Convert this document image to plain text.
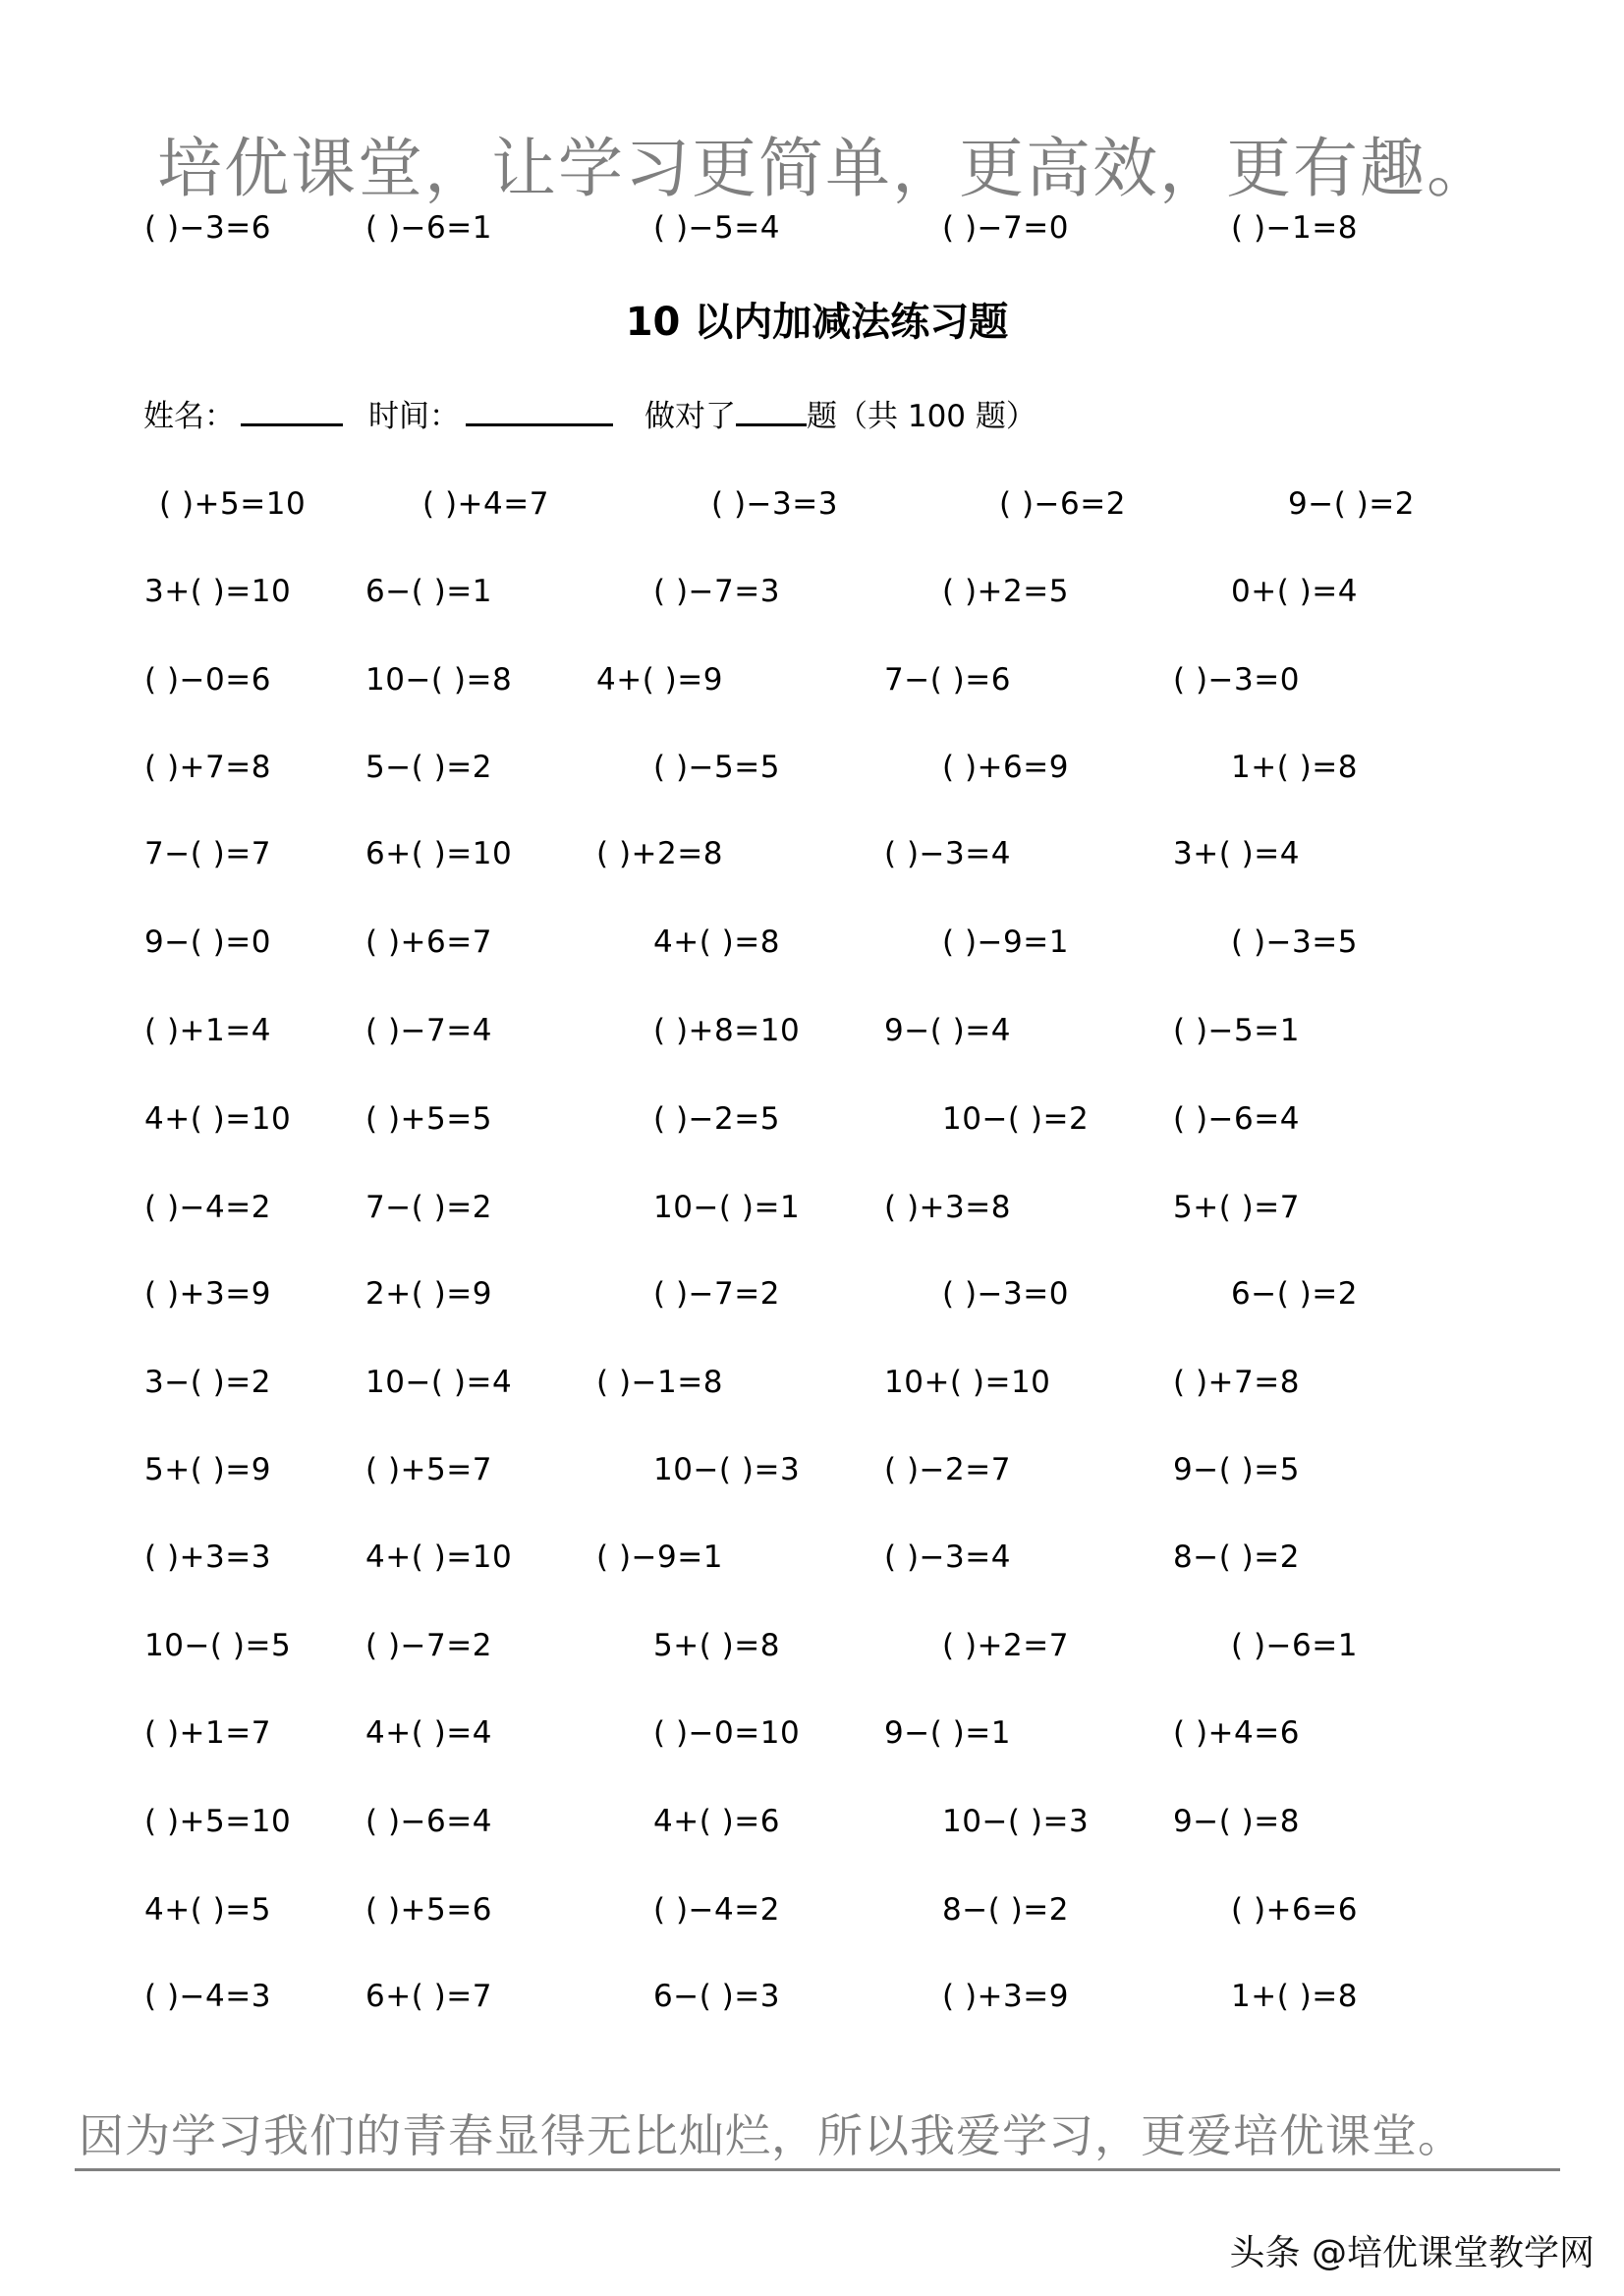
培优课堂，让学习更简单，更高效，更有趣。
10 以内加减法练习题
姓名：	时间：	做对了 题（共 100 题）
( )−3=6	( )−6=1	( )−5=4	( )−7=0	( )−1=8
( )+5=10	( )+4=7	( )−3=3	( )−6=2	9−( )=2
3+( )=10 6−( )=1	( )−7=3	( )+2=5	0+( )=4
( )−0=6	10−( )=8	4+( )=9	7−( )=6	( )−3=0
( )+7=8	5−( )=2	( )−5=5	( )+6=9	1+( )=8
7−( )=7	6+( )=10	( )+2=8	( )−3=4	3+( )=4
9−( )=0	( )+6=7	4+( )=8	( )−9=1	( )−3=5
( )+1=4	( )−7=4	( )+8=10	9−( )=4	( )−5=1
4+( )=10 ( )+5=5	( )−2=5	10−( )=2	( )−6=4
( )−4=2	7−( )=2	10−( )=1	( )+3=8	5+( )=7
( )+3=9	2+( )=9	( )−7=2	( )−3=0	6−( )=2
3−( )=2	10−( )=4	( )−1=8	10+( )=10	( )+7=8
5+( )=9	( )+5=7	10−( )=3	( )−2=7	9−( )=5
( )+3=3	4+( )=10	( )−9=1	( )−3=4	8−( )=2
10−( )=5 ( )−7=2	5+( )=8	( )+2=7	( )−6=1
( )+1=7	4+( )=4	( )−0=10	9−( )=1	( )+4=6
( )+5=10 ( )−6=4	4+( )=6	10−( )=3	9−( )=8
4+( )=5	( )+5=6	( )−4=2	8−( )=2	( )+6=6
( )−4=3	6+( )=7	6−( )=3	( )+3=9	1+( )=8
因为学习我们的青春显得无比灿烂，所以我爱学习，更爱培优课堂。
头条 @培优课堂教学网
